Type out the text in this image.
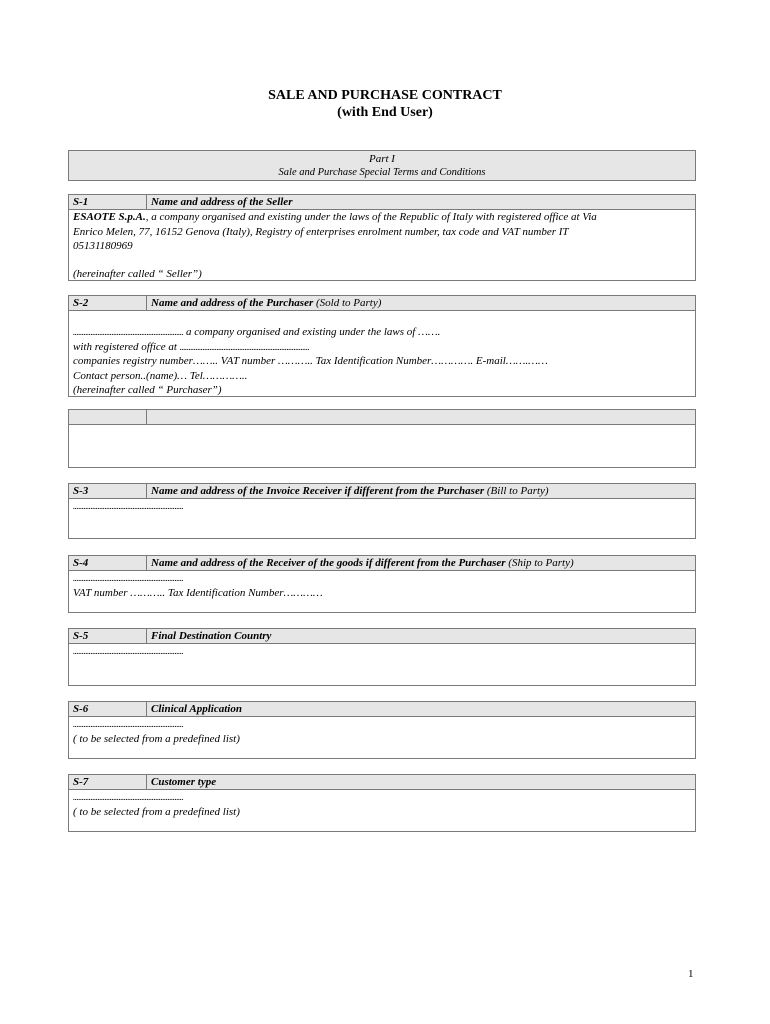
SALE AND PURCHASE CONTRACT
(with End User)
Part I
Sale and Purchase Special Terms and Conditions
S-1	Name and address of the Seller
ESAOTE S.p.A., a company organised and existing under the laws of the Republic of Italy with registered office at Via
Enrico Melen, 77, 16152 Genova (Italy), Registry of enterprises enrolment number, tax code and VAT number IT
05131180969
(hereinafter called “ Seller”)
S-2	Name and address of the Purchaser (Sold to Party)
............................................................... a company organised and existing under the laws of …….
with registered office at ..........................................................................
companies registry number…….. VAT number ……….. Tax Identification Number…………. E-mail…….……
Contact person..(name)… Tel…………..
(hereinafter called “ Purchaser”)
S-3	Name and address of the Invoice Receiver if different from the Purchaser (Bill to Party)
...............................................................
S-4	Name and address of the Receiver of the goods if different from the Purchaser (Ship to Party)
...............................................................
VAT number ……….. Tax Identification Number…………
S-5	Final Destination Country
...............................................................
S-6	Clinical Application
...............................................................
( to be selected from a predefined list)
S-7	Customer type
...............................................................
( to be selected from a predefined list)
1
